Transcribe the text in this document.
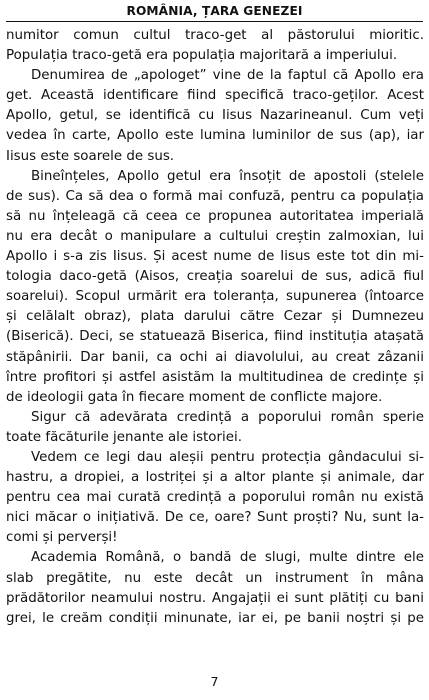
ROMÂNIA, ȚARA GENEZEI
numitor comun cultul traco-get al păstorului mioritic.
Populația traco-getă era populația majoritară a imperiului.
Denumirea de „apologet” vine de la faptul că Apollo era
get. Această identificare fiind specifică traco-geților. Acest
Apollo, getul, se identifică cu Iisus Nazarineanul. Cum veți
vedea în carte, Apollo este lumina luminilor de sus (ap), iar
Iisus este soarele de sus.
Bineînțeles, Apollo getul era însoțit de apostoli (stelele
de sus). Ca să dea o formă mai confuză, pentru ca populația
să nu înțeleagă că ceea ce propunea autoritatea imperială
nu era decât o manipulare a cultului creștin zalmoxian, lui
Apollo i s-a zis Iisus. Și acest nume de Iisus este tot din mi-
tologia daco-getă (Aisos, creația soarelui de sus, adică fiul
soarelui). Scopul urmărit era toleranța, supunerea (întoarce
și celălalt obraz), plata darului către Cezar și Dumnezeu
(Biserică). Deci, se statuează Biserica, fiind instituția atașată
stăpânirii. Dar banii, ca ochi ai diavolului, au creat zâzanii
între profitori și astfel asistăm la multitudinea de credințe și
de ideologii gata în fiecare moment de conflicte majore.
Sigur că adevărata credință a poporului român sperie
toate făcăturile jenante ale istoriei.
Vedem ce legi dau aleșii pentru protecția gândacului si-
hastru, a dropiei, a lostriței și a altor plante și animale, dar
pentru cea mai curată credință a poporului român nu există
nici măcar o inițiativă. De ce, oare? Sunt proști? Nu, sunt la-
comi și perverși!
Academia Română, o bandă de slugi, multe dintre ele
slab pregătite, nu este decât un instrument în mâna
prădătorilor neamului nostru. Angajații ei sunt plătiți cu bani
grei, le creăm condiții minunate, iar ei, pe banii noștri și pe
7
